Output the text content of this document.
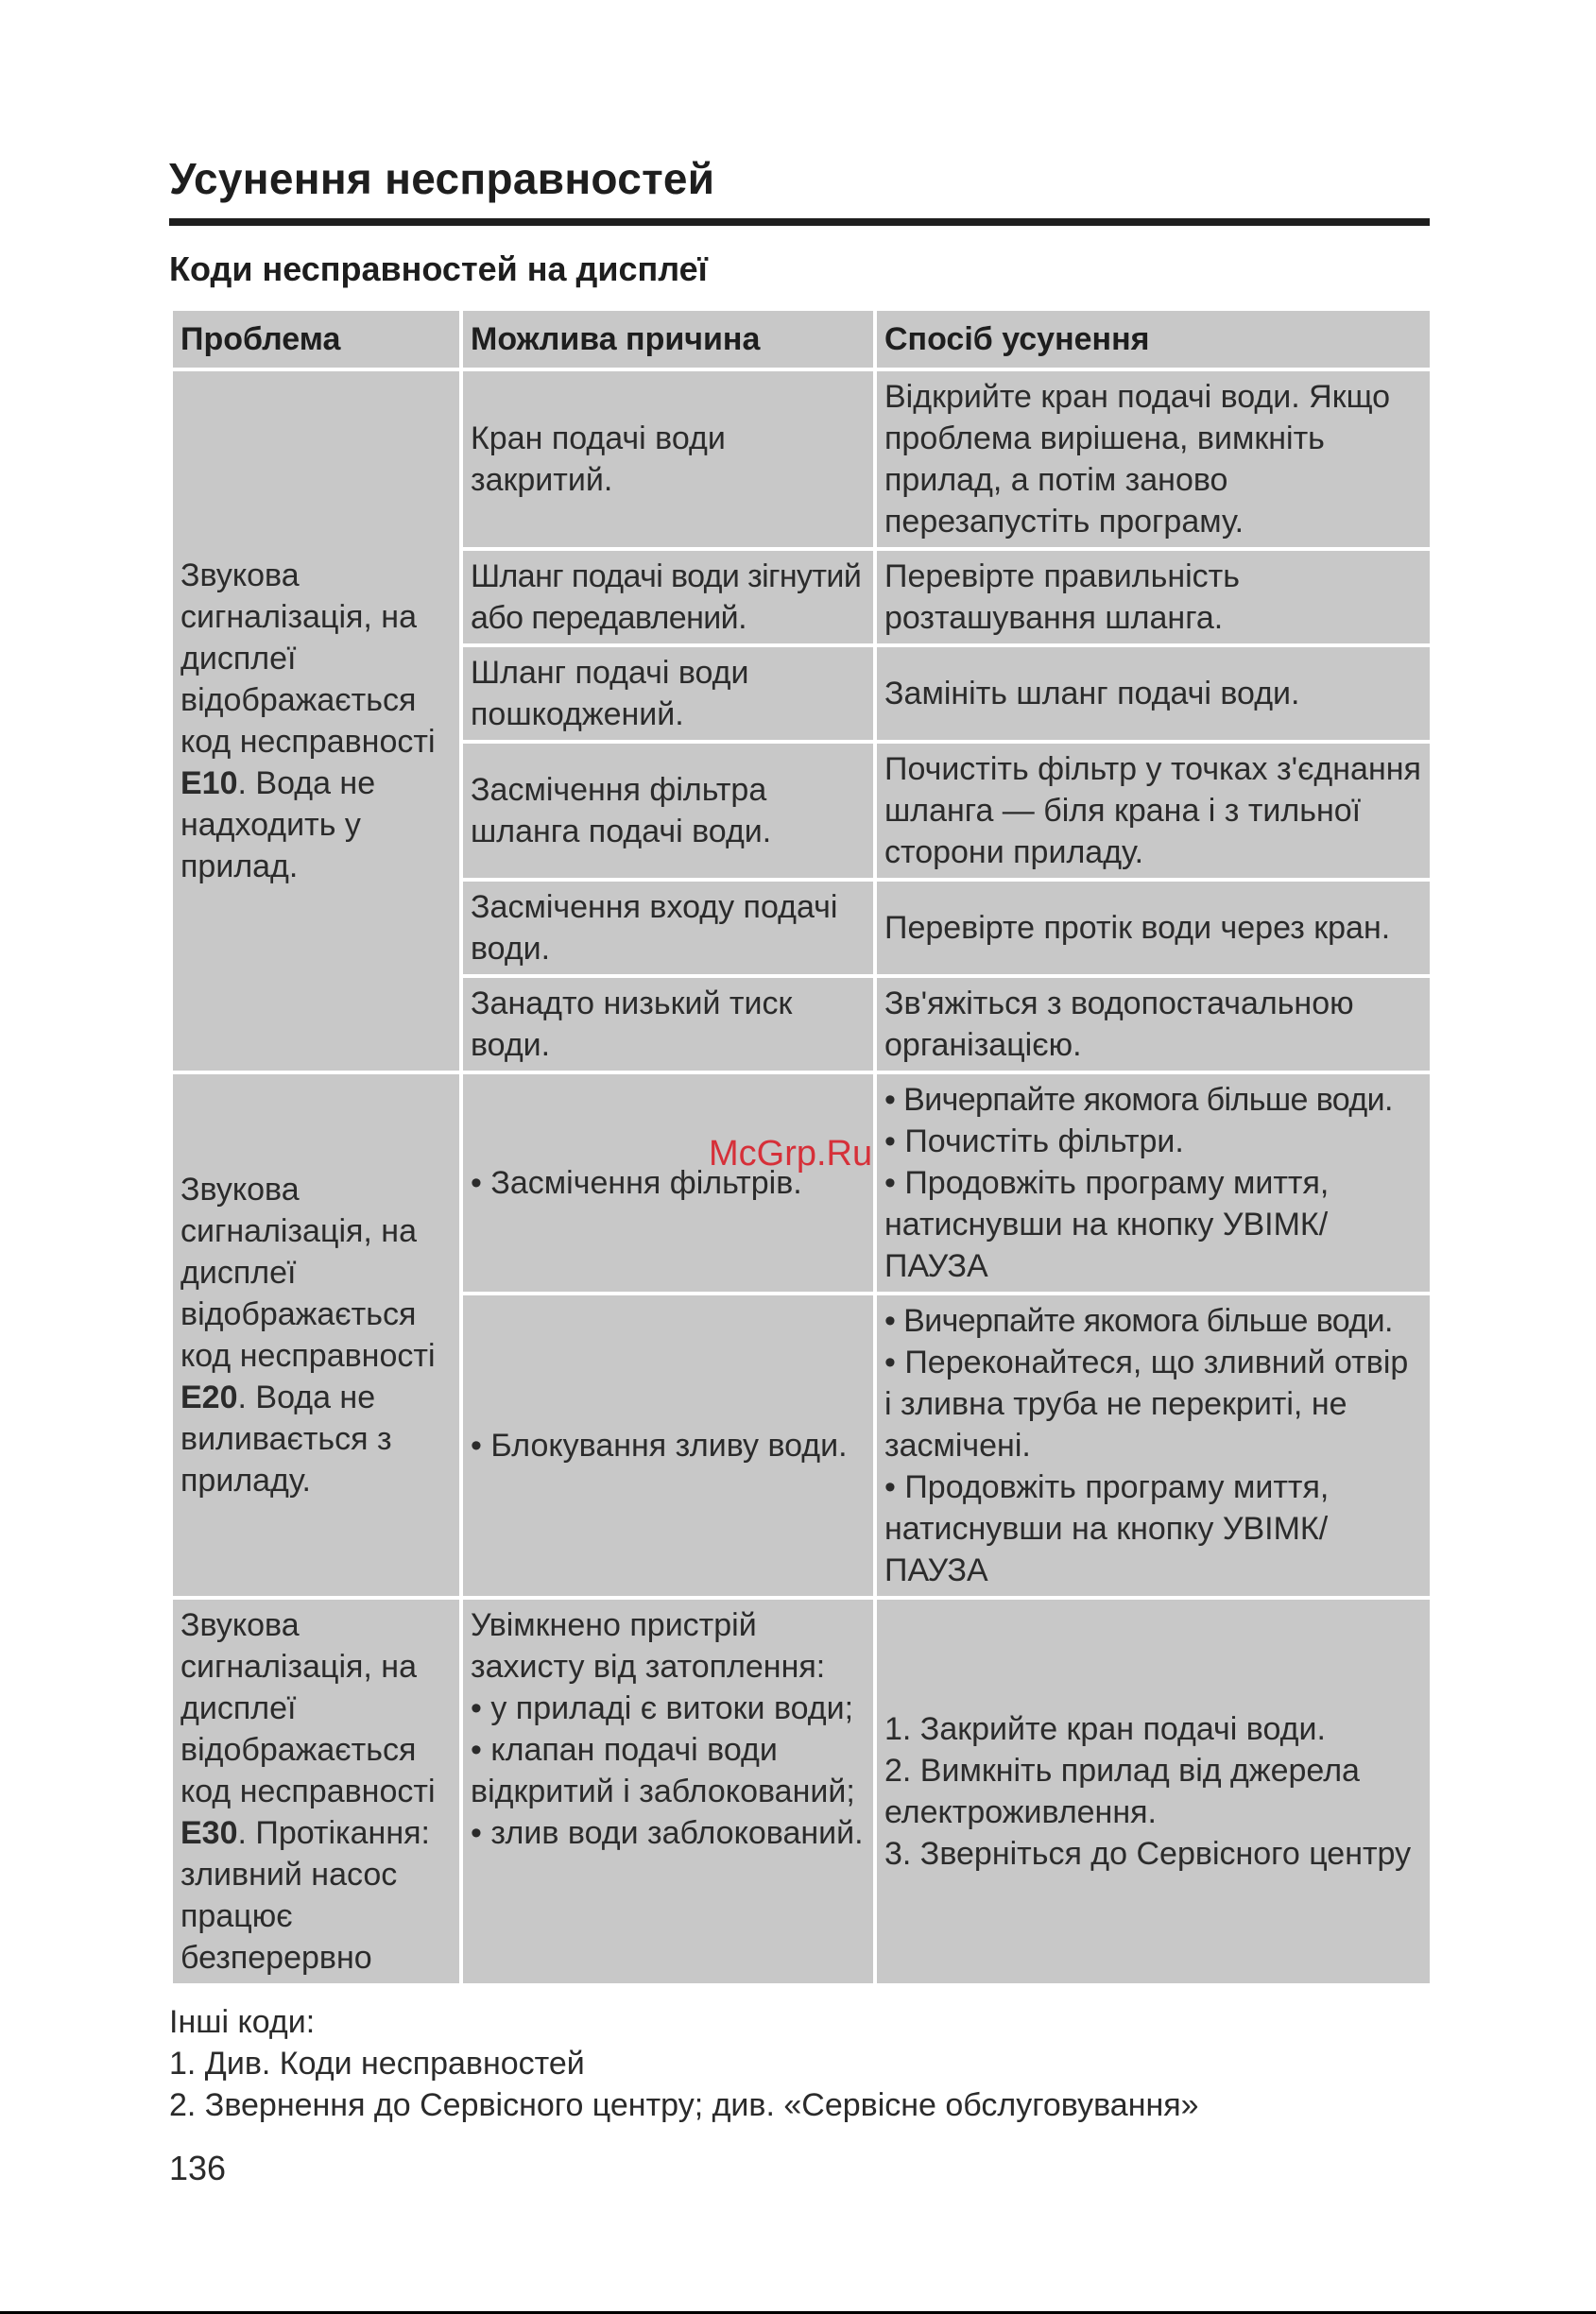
Усунення несправностей
Коди несправностей на дисплеї
Проблема	Можлива причина	Спосіб усунення
Звукова сигналізація, на дисплеї відображається код несправності E10. Вода не надходить у прилад.	Кран подачі води закритий.	Відкрийте кран подачі води. Якщо проблема вирішена, вимкніть прилад, а потім заново перезапустіть програму.
	Шланг подачі води зігнутий або передавлений.	Перевірте правильність розташування шланга.
	Шланг подачі води пошкоджений.	Замініть шланг подачі води.
	Засмічення фільтра шланга подачі води.	Почистіть фільтр у точках з'єднання шланга — біля крана і з тильної сторони приладу.
	Засмічення входу подачі води.	Перевірте протік води через кран.
	Занадто низький тиск води.	Зв'яжіться з водопостачальною організацією.
Звукова сигналізація, на дисплеї відображається код несправності E20. Вода не виливається з приладу.	• Засмічення фільтрів.	• Вичерпайте якомога більше води.
• Почистіть фільтри.
• Продовжіть програму миття, натиснувши на кнопку УВІМК/ПАУЗА

	• Блокування зливу води.	• Вичерпайте якомога більше води.
• Переконайтеся, що зливний отвір і зливна труба не перекриті, не засмічені.
• Продовжіть програму миття, натиснувши на кнопку УВІМК/ПАУЗА

Звукова сигналізація, на дисплеї відображається код несправності E30. Протікання: зливний насос працює безперервно	Увімкнено пристрій захисту від затоплення:
• у приладі є витоки води;
• клапан подачі води відкритий і заблокований;
• злив води заблокований.	1. Закрийте кран подачі води.
2. Вимкніть прилад від джерела електроживлення.
3. Зверніться до Сервісного центру
Інші коди:
1. Див. Коди несправностей
2. Звернення до Сервісного центру; див. «Сервісне обслуговування»
136
McGrp.Ru
